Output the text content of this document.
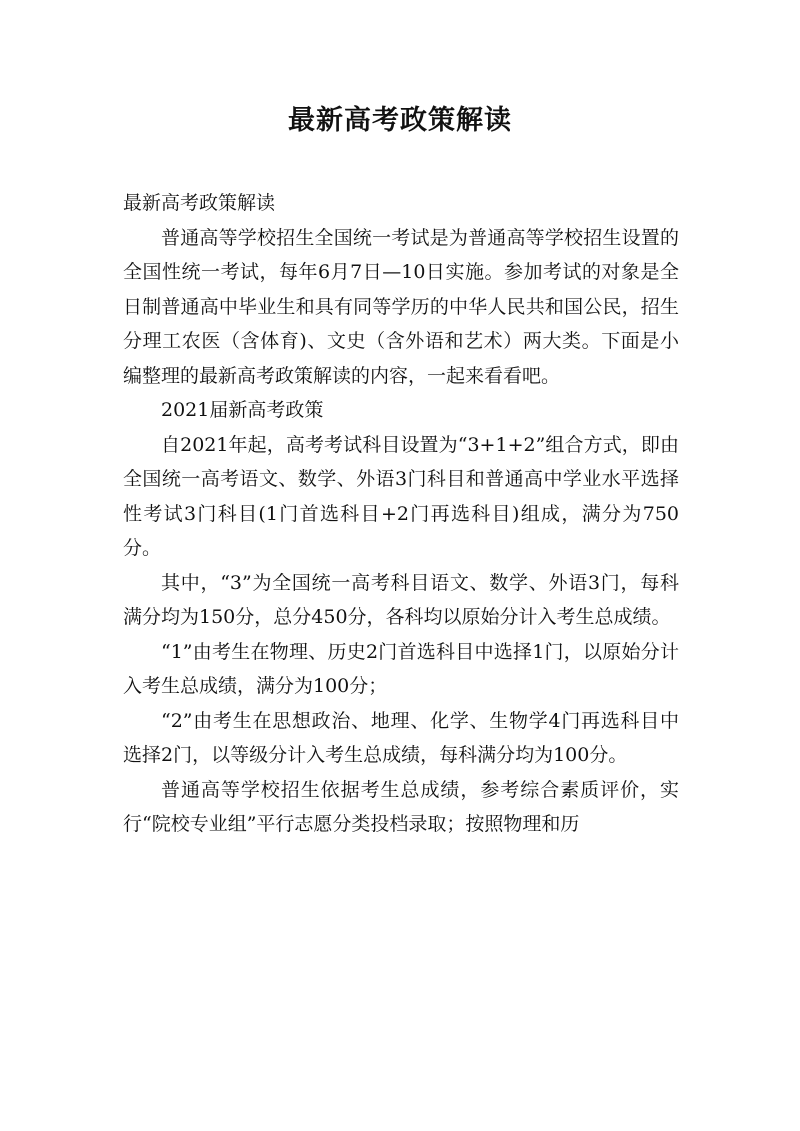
最新高考政策解读

最新高考政策解读

普通高等学校招生全国统一考试是为普通高等学校招生设置的全国性统一考试，每年6月7日—10日实施。参加考试的对象是全日制普通高中毕业生和具有同等学历的中华人民共和国公民，招生分理工农医（含体育)、文史（含外语和艺术）两大类。下面是小编整理的最新高考政策解读的内容，一起来看看吧。

2021届新高考政策

自2021年起，高考考试科目设置为“3+1+2”组合方式，即由全国统一高考语文、数学、外语3门科目和普通高中学业水平选择性考试3门科目(1门首选科目+2门再选科目)组成，满分为750分。

其中，“3”为全国统一高考科目语文、数学、外语3门，每科满分均为150分，总分450分，各科均以原始分计入考生总成绩。

“1”由考生在物理、历史2门首选科目中选择1门，以原始分计入考生总成绩，满分为100分；

“2”由考生在思想政治、地理、化学、生物学4门再选科目中选择2门，以等级分计入考生总成绩，每科满分均为100分。

普通高等学校招生依据考生总成绩，参考综合素质评价，实行“院校专业组”平行志愿分类投档录取；按照物理和历
